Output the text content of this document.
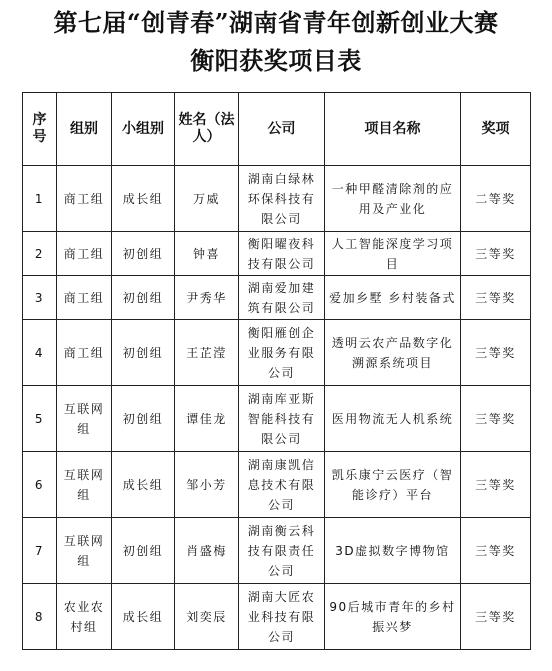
第七届“创青春”湖南省青年创新创业大赛
衡阳获奖项目表
序号	组别	小组别	姓名（法人）	公司	项目名称	奖项
1	商工组	成长组	万威	湖南白绿林环保科技有限公司	一种甲醛清除剂的应用及产业化	二等奖
2	商工组	初创组	钟喜	衡阳曜夜科技有限公司	人工智能深度学习项目	三等奖
3	商工组	初创组	尹秀华	湖南爱加建筑有限公司	爱加乡墅 乡村装备式	三等奖
4	商工组	初创组	王芷滢	衡阳雁创企业服务有限公司	透明云农产品数字化溯源系统项目	三等奖
5	互联网组	初创组	谭佳龙	湖南库亚斯智能科技有限公司	医用物流无人机系统	三等奖
6	互联网组	成长组	邹小芳	湖南康凯信息技术有限公司	凯乐康宁云医疗（智能诊疗）平台	三等奖
7	互联网组	初创组	肖盛梅	湖南衡云科技有限责任公司	3D虚拟数字博物馆	三等奖
8	农业农村组	成长组	刘奕辰	湖南大匠农业科技有限公司	90后城市青年的乡村振兴梦	三等奖
